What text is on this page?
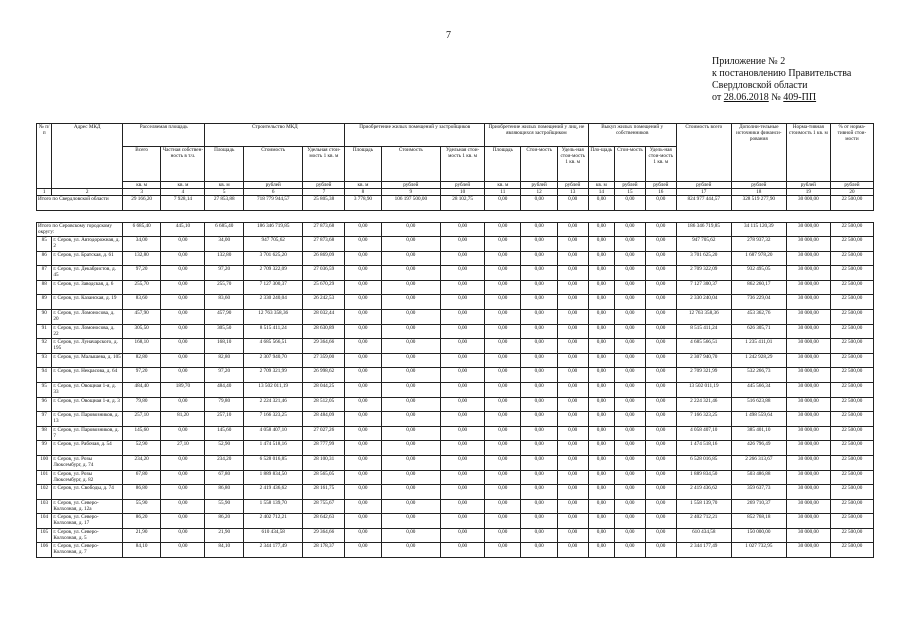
7
Приложение № 2
к постановлению Правительства
Свердловской области
от 28.06.2018 № 409-ПП
№ п/п	Адрес МКД	Расселяемая площадь		Строительство МКД			Приобретение жилых помещений у застройщиков			Приобретение жилых помещений у лиц, не являющихся застройщиком			Выкуп жилых помещений у собственников			Стоимость всего	Дополни-тельные источники финанси-рования	Норма-тивная стоимость 1 кв. м	% от норма-тивной стои-мости
		Всего	Частная собствен-ность в т.ч.	Площадь	Стоимость	Удельная стои-мость 1 кв. м	Площадь	Стоимость	Удельная стои-мость 1 кв. м	Площадь	Стои-мость	Удель-ная стои-мость 1 кв. м	Пло-щадь	Стои-мость	Удель-ная стои-мость 1 кв. м				
		кв. м	кв. м	кв. м	рублей	рублей	кв. м	рублей	рублей	кв. м	рублей	рублей	кв. м	рублей	рублей	рублей	рублей	рублей	рублей
1	2	3	4	5	6	7	8	9	10	11	12	13	14	15	16	17	18	19	20
Итого по Свердловской области		29 166,20	7 928,14	27 853,88	718 779 944,57	25 805,38	3 778,90	106 197 500,00	28 102,75	0,00	0,00	0,00	0,00	0,00	0,00	824 977 444,57	328 519 277,90	30 000,00	22 500,00

Итого по Серовскому городскому округу:		6 685,40	445,10	6 685,40	186 346 719,85	27 873,68	0,00	0,00	0,00	0,00	0,00	0,00	0,00	0,00	0,00	186 346 719,85	34 115 120,39	30 000,00	22 500,00
85	г. Серов, ул. Автодорожная, д. 2	34,00	0,00	34,00	947 705,62	27 873,68	0,00	0,00	0,00	0,00	0,00	0,00	0,00	0,00	0,00	947 705,62	278 937,32	30 000,00	22 500,00
86	г. Серов, ул. Братская, д. 61	132,80	0,00	132,80	3 701 625,20	26 869,09	0,00	0,00	0,00	0,00	0,00	0,00	0,00	0,00	0,00	3 701 625,20	1 687 978,20	30 000,00	22 500,00
87	г. Серов, ул. Декабристов, д. 45	97,20	0,00	97,20	2 709 322,09	27 036,59	0,00	0,00	0,00	0,00	0,00	0,00	0,00	0,00	0,00	2 709 322,09	932 495,05	30 000,00	22 500,00
88	г. Серов, ул. Заводская, д. 6	255,70	0,00	255,70	7 127 300,37	25 670,29	0,00	0,00	0,00	0,00	0,00	0,00	0,00	0,00	0,00	7 127 300,37	862 260,17	30 000,00	22 500,00
89	г. Серов, ул. Казанская, д. 19	83,60	0,00	83,60	2 330 240,04	26 242,53	0,00	0,00	0,00	0,00	0,00	0,00	0,00	0,00	0,00	2 330 240,04	736 229,04	30 000,00	22 500,00
90	г. Серов, ул. Ломоносова, д. 20	457,90	0,00	457,90	12 763 358,36	28 032,44	0,00	0,00	0,00	0,00	0,00	0,00	0,00	0,00	0,00	12 763 358,36	453 362,76	30 000,00	22 500,00
91	г. Серов, ул. Ломоносова, д. 22	305,50	0,00	305,50	8 515 411,24	28 630,89	0,00	0,00	0,00	0,00	0,00	0,00	0,00	0,00	0,00	8 515 411,24	626 305,71	30 000,00	22 500,00
92	г. Серов, ул. Луначарского, д. 195	168,10	0,00	168,10	4 685 566,51	29 364,66	0,00	0,00	0,00	0,00	0,00	0,00	0,00	0,00	0,00	4 685 566,51	1 235 411,01	30 000,00	22 500,00
93	г. Серов, ул. Малышева, д. 105	82,80	0,00	82,80	2 307 940,70	27 359,00	0,00	0,00	0,00	0,00	0,00	0,00	0,00	0,00	0,00	2 307 940,70	1 242 928,29	30 000,00	22 500,00
94	г. Серов, ул. Некрасова, д. 64	97,20	0,00	97,20	2 709 321,99	26 998,62	0,00	0,00	0,00	0,00	0,00	0,00	0,00	0,00	0,00	2 709 321,99	532 266,73	30 000,00	22 500,00
95	г. Серов, ул. Овощная 1-я, д. 33	484,40	189,70	484,40	13 502 011,19	28 044,25	0,00	0,00	0,00	0,00	0,00	0,00	0,00	0,00	0,00	13 502 011,19	445 566,34	30 000,00	22 500,00
96	г. Серов, ул. Овощная 1-я, д. 3	79,80	0,00	79,80	2 224 321,46	28 512,05	0,00	0,00	0,00	0,00	0,00	0,00	0,00	0,00	0,00	2 224 321,46	516 623,88	30 000,00	22 500,00
97	г. Серов, ул. Паровозников, д. 13	257,10	81,20	257,10	7 166 323,25	28 484,09	0,00	0,00	0,00	0,00	0,00	0,00	0,00	0,00	0,00	7 166 323,25	1 498 559,64	30 000,00	22 500,00
98	г. Серов, ул. Паровозников, д. 7	145,60	0,00	145,60	4 058 407,10	27 027,26	0,00	0,00	0,00	0,00	0,00	0,00	0,00	0,00	0,00	4 058 407,10	385 401,10	30 000,00	22 500,00
99	г. Серов, ул. Рабочая, д. 54	52,90	27,10	52,90	1 474 518,16	28 777,99	0,00	0,00	0,00	0,00	0,00	0,00	0,00	0,00	0,00	1 474 518,16	426 796,49	30 000,00	22 500,00
100	г. Серов, ул. Розы Люксембург, д. 74	234,20	0,00	234,20	6 528 016,85	28 100,31	0,00	0,00	0,00	0,00	0,00	0,00	0,00	0,00	0,00	6 528 016,85	2 266 313,67	30 000,00	22 500,00
101	г. Серов, ул. Розы Люксембург, д. 82	67,80	0,00	67,80	1 889 834,50	28 565,05	0,00	0,00	0,00	0,00	0,00	0,00	0,00	0,00	0,00	1 889 834,50	503 486,88	30 000,00	22 500,00
102	г. Серов, ул. Свободы, д. 74	86,80	0,00	86,80	2 419 436,62	28 161,75	0,00	0,00	0,00	0,00	0,00	0,00	0,00	0,00	0,00	2 419 436,62	359 637,73	30 000,00	22 500,00
103	г. Серов, ул. Северо-Колхозная, д. 12а	55,90	0,00	55,90	1 558 139,70	28 755,67	0,00	0,00	0,00	0,00	0,00	0,00	0,00	0,00	0,00	1 558 139,70	269 710,37	30 000,00	22 500,00
104	г. Серов, ул. Северо-Колхозная, д. 17	86,20	0,00	86,20	2 402 712,21	28 642,63	0,00	0,00	0,00	0,00	0,00	0,00	0,00	0,00	0,00	2 402 712,21	852 768,18	30 000,00	22 500,00
105	г. Серов, ул. Северо-Колхозная, д. 5	21,90	0,00	21,90	610 434,58	29 364,66	0,00	0,00	0,00	0,00	0,00	0,00	0,00	0,00	0,00	610 434,58	150 000,00	30 000,00	22 500,00
106	г. Серов, ул. Северо-Колхозная, д. 7	84,10	0,00	84,10	2 344 177,49	28 178,37	0,00	0,00	0,00	0,00	0,00	0,00	0,00	0,00	0,00	2 344 177,49	1 027 732,95	30 000,00	22 500,00
